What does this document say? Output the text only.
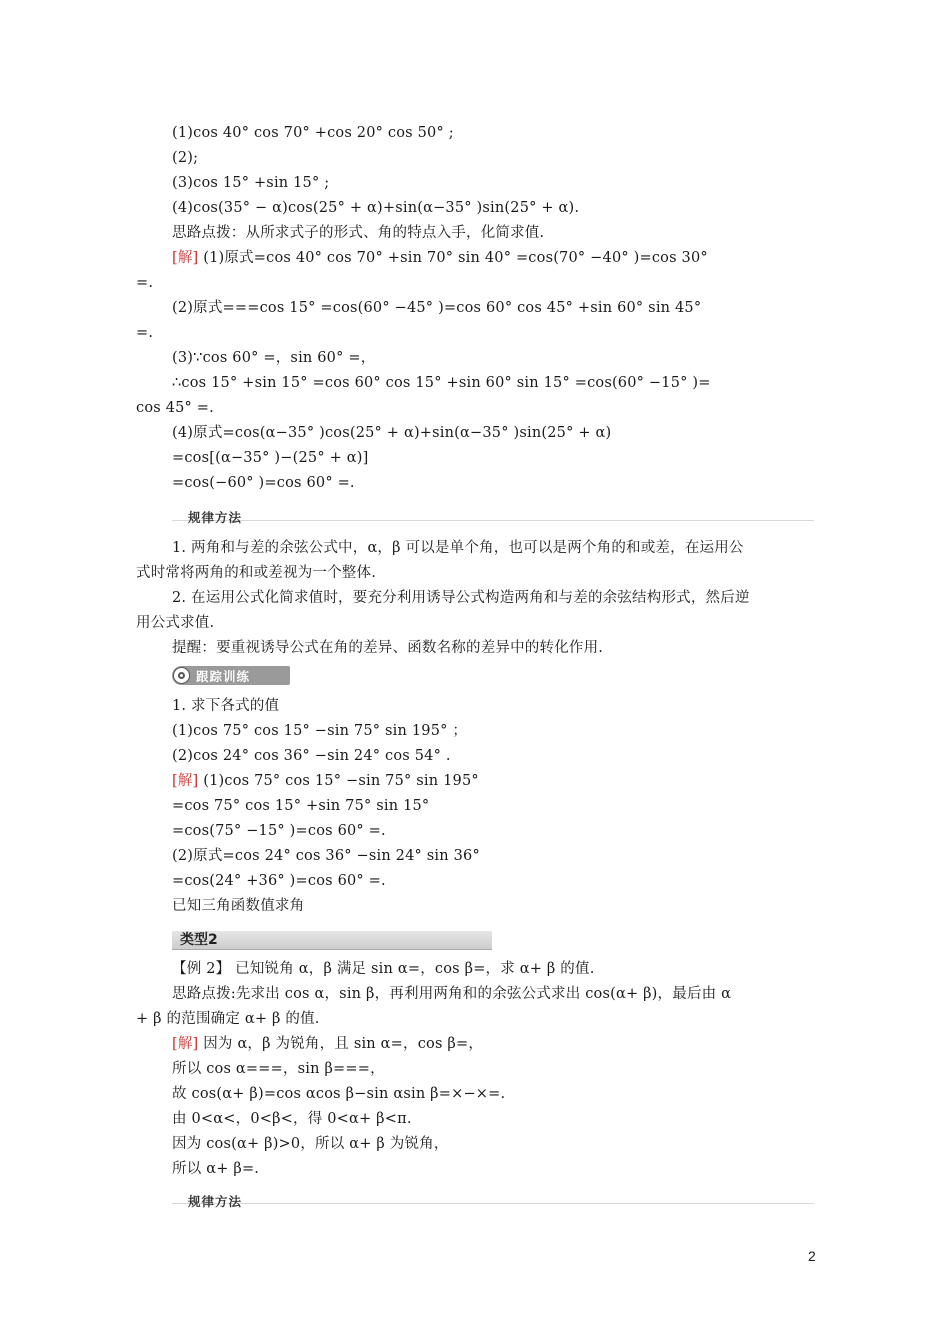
(1)cos 40° cos 70° +cos 20° cos 50° ;
(2);
(3)cos 15° +sin 15° ;
(4)cos(35° − α)cos(25° + α)+sin(α−35° )sin(25° + α).
思路点拨：从所求式子的形式、角的特点入手，化简求值.
[解] (1)原式=cos 40° cos 70° +sin 70° sin 40° =cos(70° −40° )=cos 30°
=.
(2)原式===cos 15° =cos(60° −45° )=cos 60° cos 45° +sin 60° sin 45°
=.
(3)∵cos 60° =，sin 60° =，
∴cos 15° +sin 15° =cos 60° cos 15° +sin 60° sin 15° =cos(60° −15° )=
cos 45° =.
(4)原式=cos(α−35° )cos(25° + α)+sin(α−35° )sin(25° + α)
=cos[(α−35° )−(25° + α)]
=cos(−60° )=cos 60° =.
规律方法
1. 两角和与差的余弦公式中，α，β 可以是单个角，也可以是两个角的和或差，在运用公
式时常将两角的和或差视为一个整体.
2. 在运用公式化简求值时，要充分利用诱导公式构造两角和与差的余弦结构形式，然后逆
用公式求值.
提醒：要重视诱导公式在角的差异、函数名称的差异中的转化作用.
跟踪训练
1. 求下各式的值
(1)cos 75° cos 15° −sin 75° sin 195° ；
(2)cos 24° cos 36° −sin 24° cos 54° .
[解] (1)cos 75° cos 15° −sin 75° sin 195°
=cos 75° cos 15° +sin 75° sin 15°
=cos(75° −15° )=cos 60° =.
(2)原式=cos 24° cos 36° −sin 24° sin 36°
=cos(24° +36° )=cos 60° =.
已知三角函数值求角
类型2
【例 2】 已知锐角 α，β 满足 sin α=，cos β=，求 α+ β 的值.
思路点拨:先求出 cos α，sin β，再利用两角和的余弦公式求出 cos(α+ β)，最后由 α
+ β 的范围确定 α+ β 的值.
[解] 因为 α，β 为锐角，且 sin α=，cos β=，
所以 cos α===，sin β===，
故 cos(α+ β)=cos αcos β−sin αsin β=×−×=.
由 0<α<，0<β<，得 0<α+ β<π.
因为 cos(α+ β)>0，所以 α+ β 为锐角，
所以 α+ β=.
规律方法
2
